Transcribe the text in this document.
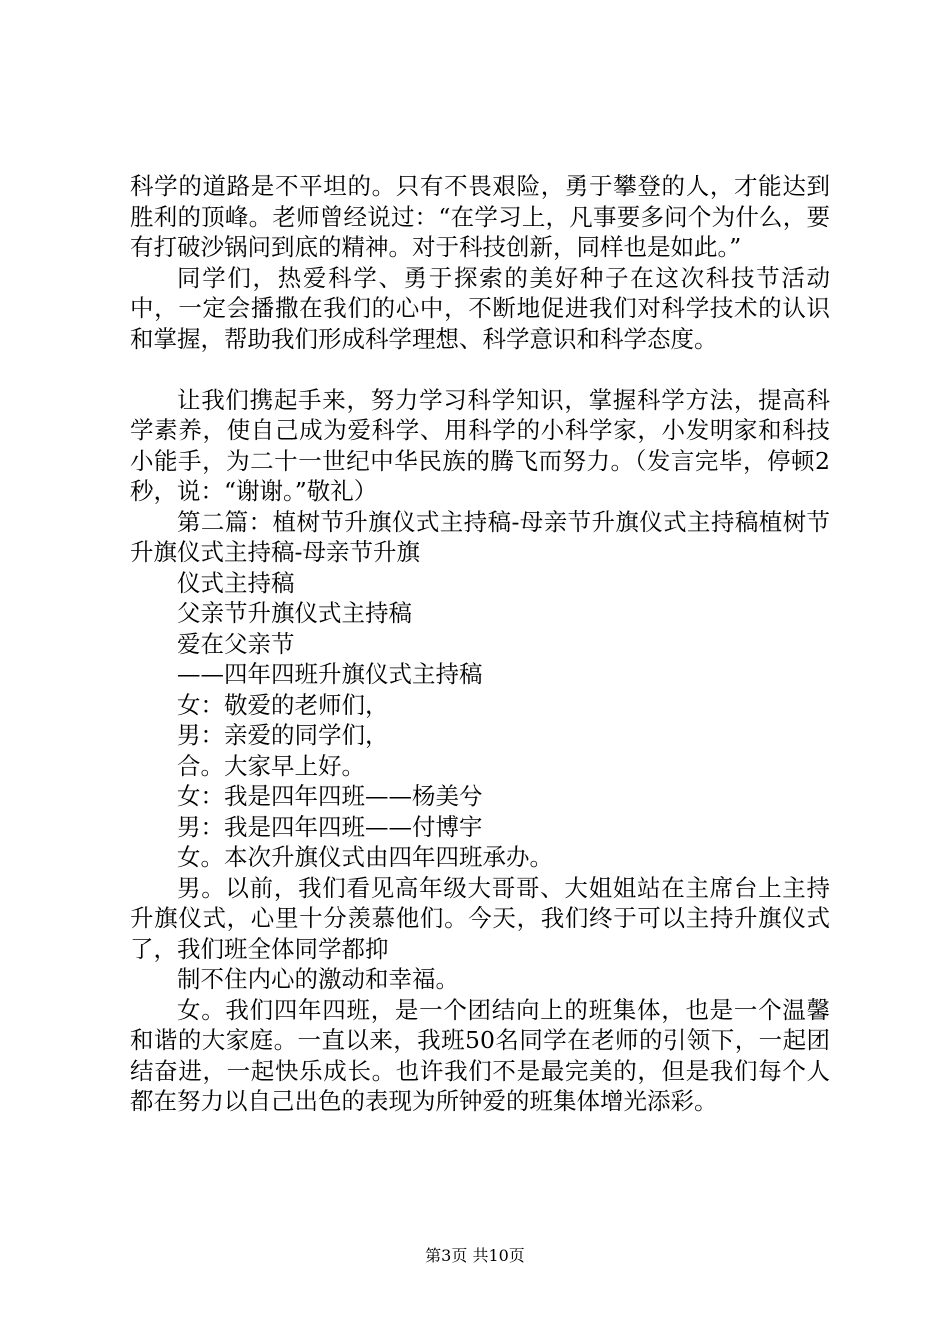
科学的道路是不平坦的。只有不畏艰险，勇于攀登的人，才能达到胜利的顶峰。老师曾经说过：“在学习上，凡事要多问个为什么，要有打破沙锅问到底的精神。对于科技创新，同样也是如此。”

同学们，热爱科学、勇于探索的美好种子在这次科技节活动中，一定会播撒在我们的心中，不断地促进我们对科学技术的认识和掌握，帮助我们形成科学理想、科学意识和科学态度。

让我们携起手来，努力学习科学知识，掌握科学方法，提高科学素养，使自己成为爱科学、用科学的小科学家，小发明家和科技小能手，为二十一世纪中华民族的腾飞而努力。（发言完毕，停顿2秒，说：“谢谢。”敬礼）

第二篇：植树节升旗仪式主持稿-母亲节升旗仪式主持稿植树节升旗仪式主持稿-母亲节升旗

仪式主持稿

父亲节升旗仪式主持稿

爱在父亲节

——四年四班升旗仪式主持稿

女：敬爱的老师们，

男：亲爱的同学们，

合。大家早上好。

女：我是四年四班——杨美兮

男：我是四年四班——付博宇

女。本次升旗仪式由四年四班承办。

男。以前，我们看见高年级大哥哥、大姐姐站在主席台上主持升旗仪式，心里十分羡慕他们。今天，我们终于可以主持升旗仪式了，我们班全体同学都抑

制不住内心的激动和幸福。

女。我们四年四班，是一个团结向上的班集体，也是一个温馨和谐的大家庭。一直以来，我班50名同学在老师的引领下，一起团结奋进，一起快乐成长。也许我们不是最完美的，但是我们每个人都在努力以自己出色的表现为所钟爱的班集体增光添彩。

第3页 共10页
